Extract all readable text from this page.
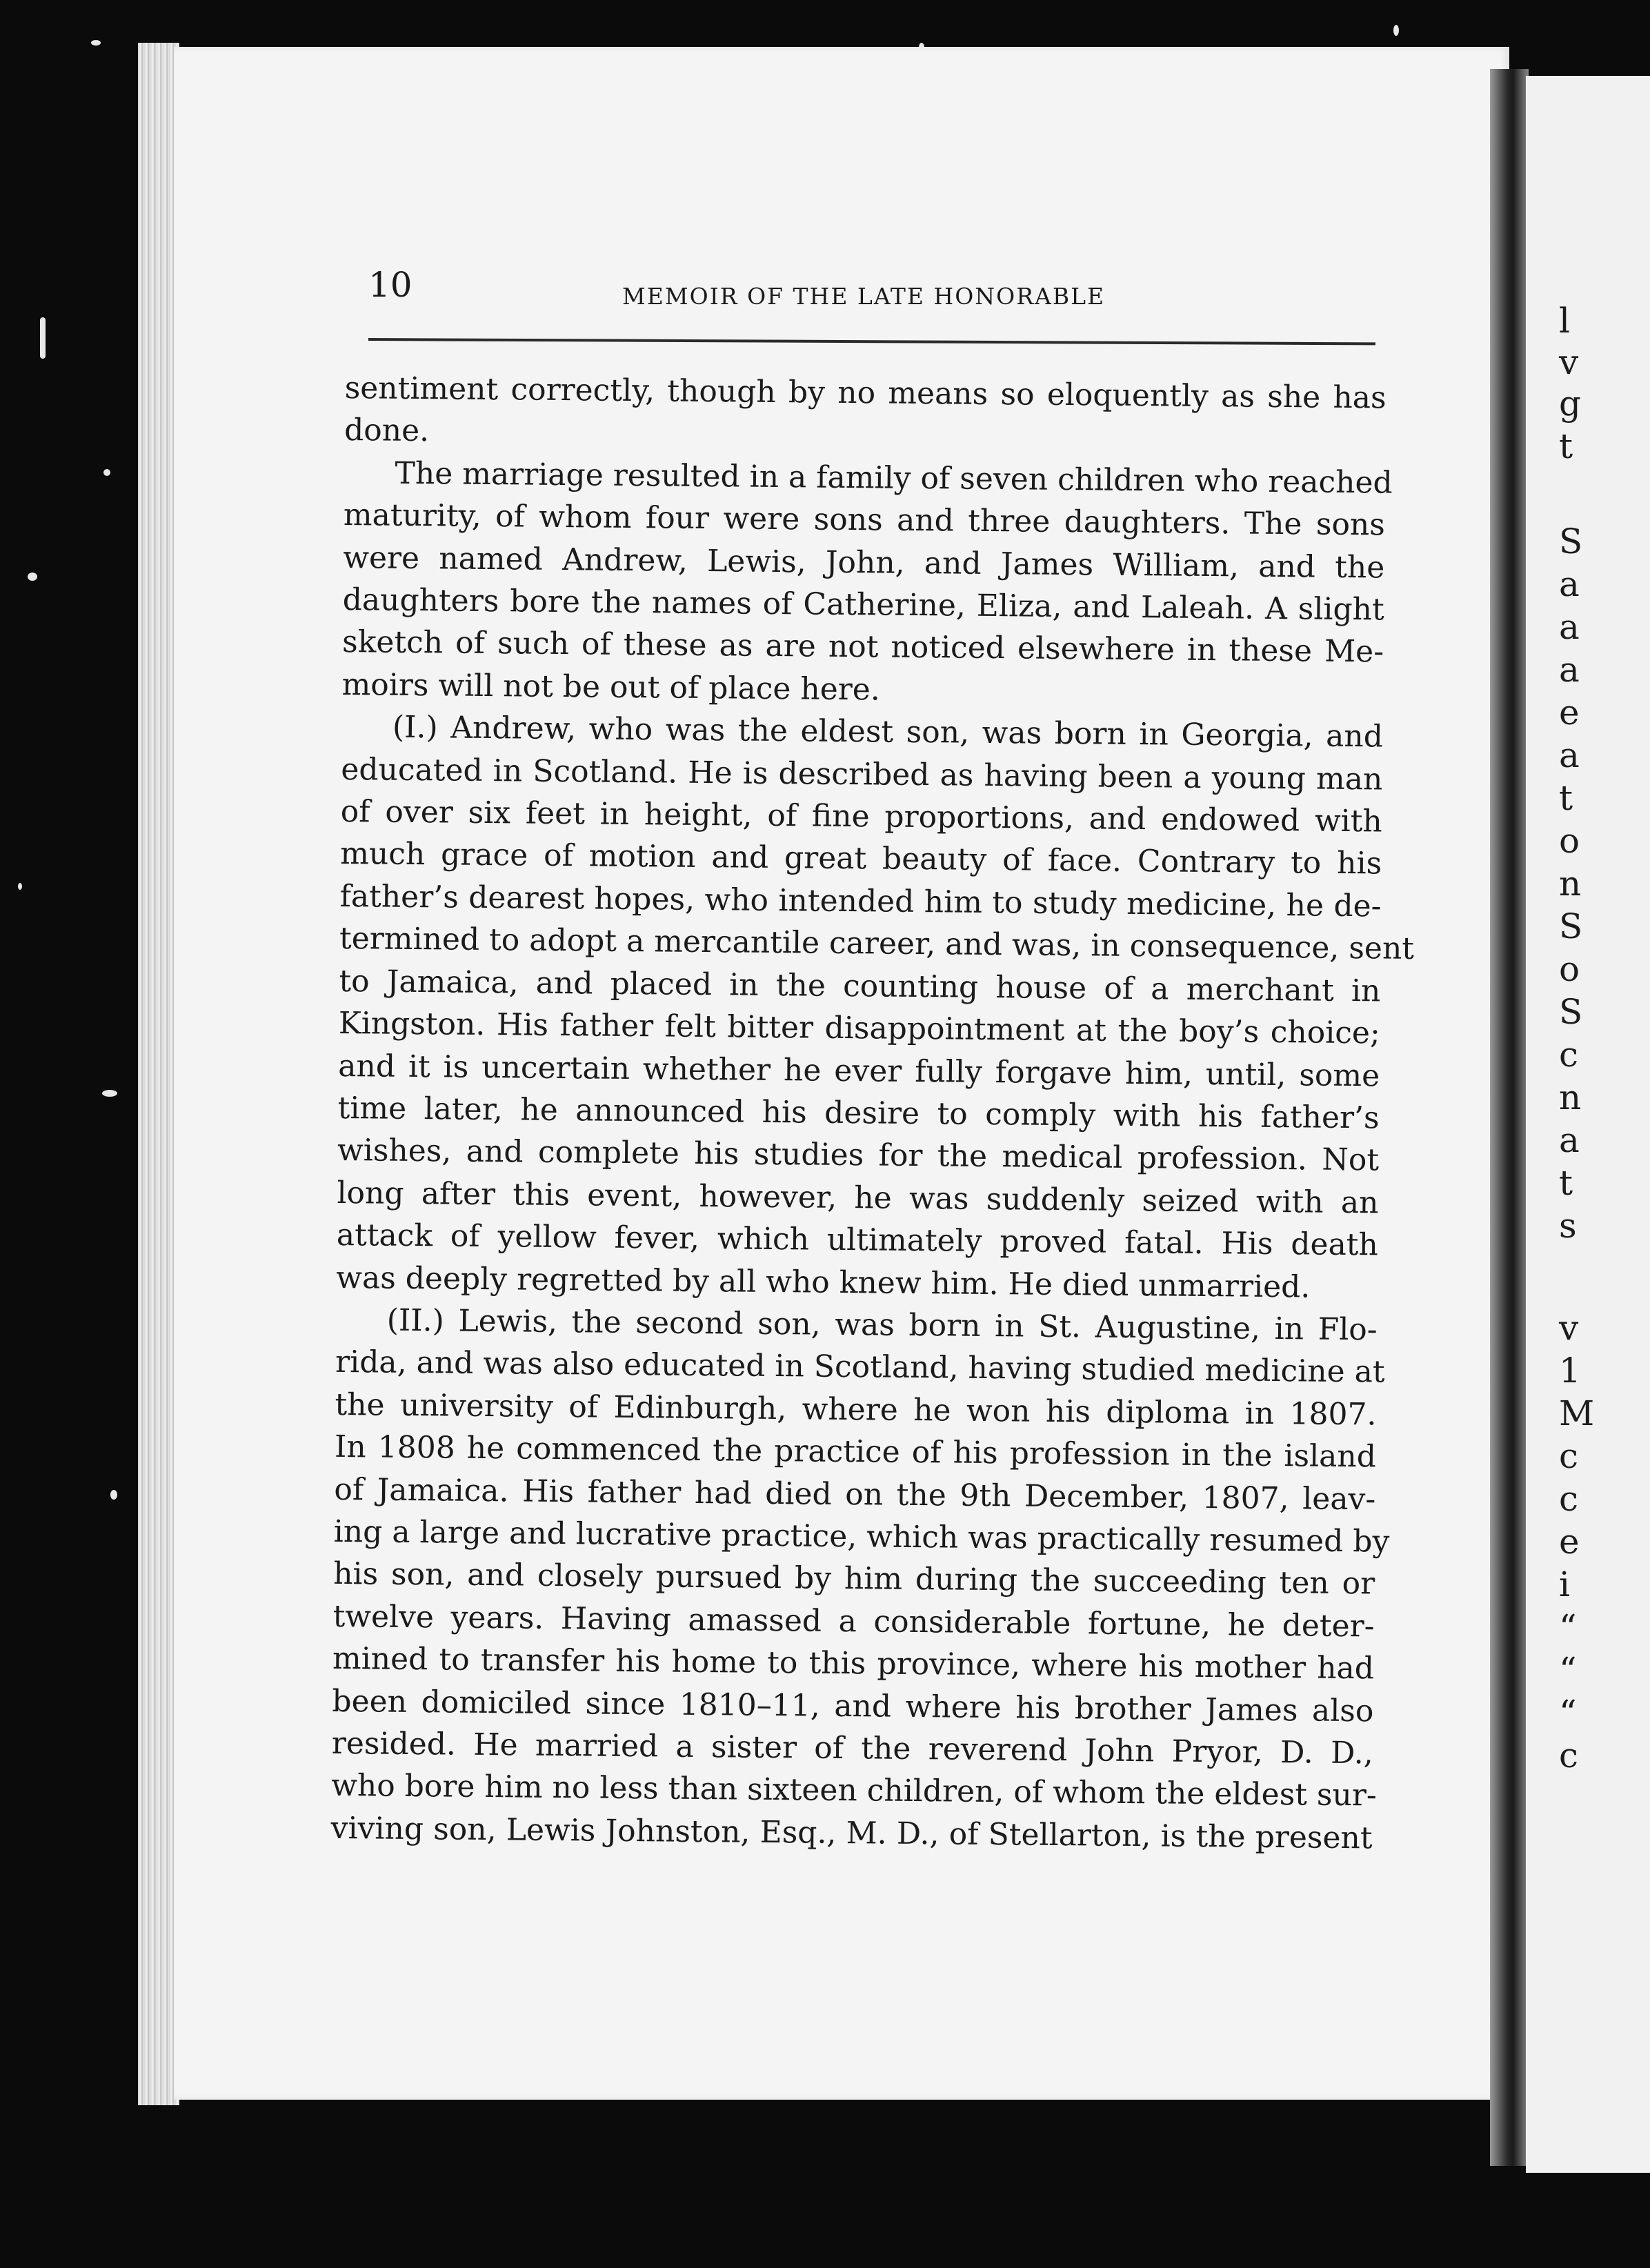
l
v
g
t
S
a
a
a
e
a
t
o
n
S
o
S
c
n
a
t
s
v
1
M
c
c
e
i
“
“
“
c
10	MEMOIR OF THE LATE HONORABLE
sentiment correctly, though by no means so eloquently as she has
done.
The marriage resulted in a family of seven children who reached
maturity, of whom four were sons and three daughters. The sons
were named Andrew, Lewis, John, and James William, and the
daughters bore the names of Catherine, Eliza, and Laleah. A slight
sketch of such of these as are not noticed elsewhere in these Me-
moirs will not be out of place here.
(I.) Andrew, who was the eldest son, was born in Georgia, and
educated in Scotland. He is described as having been a young man
of over six feet in height, of fine proportions, and endowed with
much grace of motion and great beauty of face. Contrary to his
father’s dearest hopes, who intended him to study medicine, he de-
termined to adopt a mercantile career, and was, in consequence, sent
to Jamaica, and placed in the counting house of a merchant in
Kingston. His father felt bitter disappointment at the boy’s choice;
and it is uncertain whether he ever fully forgave him, until, some
time later, he announced his desire to comply with his father’s
wishes, and complete his studies for the medical profession. Not
long after this event, however, he was suddenly seized with an
attack of yellow fever, which ultimately proved fatal. His death
was deeply regretted by all who knew him. He died unmarried.
(II.) Lewis, the second son, was born in St. Augustine, in Flo-
rida, and was also educated in Scotland, having studied medicine at
the university of Edinburgh, where he won his diploma in 1807.
In 1808 he commenced the practice of his profession in the island
of Jamaica. His father had died on the 9th December, 1807, leav-
ing a large and lucrative practice, which was practically resumed by
his son, and closely pursued by him during the succeeding ten or
twelve years. Having amassed a considerable fortune, he deter-
mined to transfer his home to this province, where his mother had
been domiciled since 1810–11, and where his brother James also
resided. He married a sister of the reverend John Pryor, D. D.,
who bore him no less than sixteen children, of whom the eldest sur-
viving son, Lewis Johnston, Esq., M. D., of Stellarton, is the present
